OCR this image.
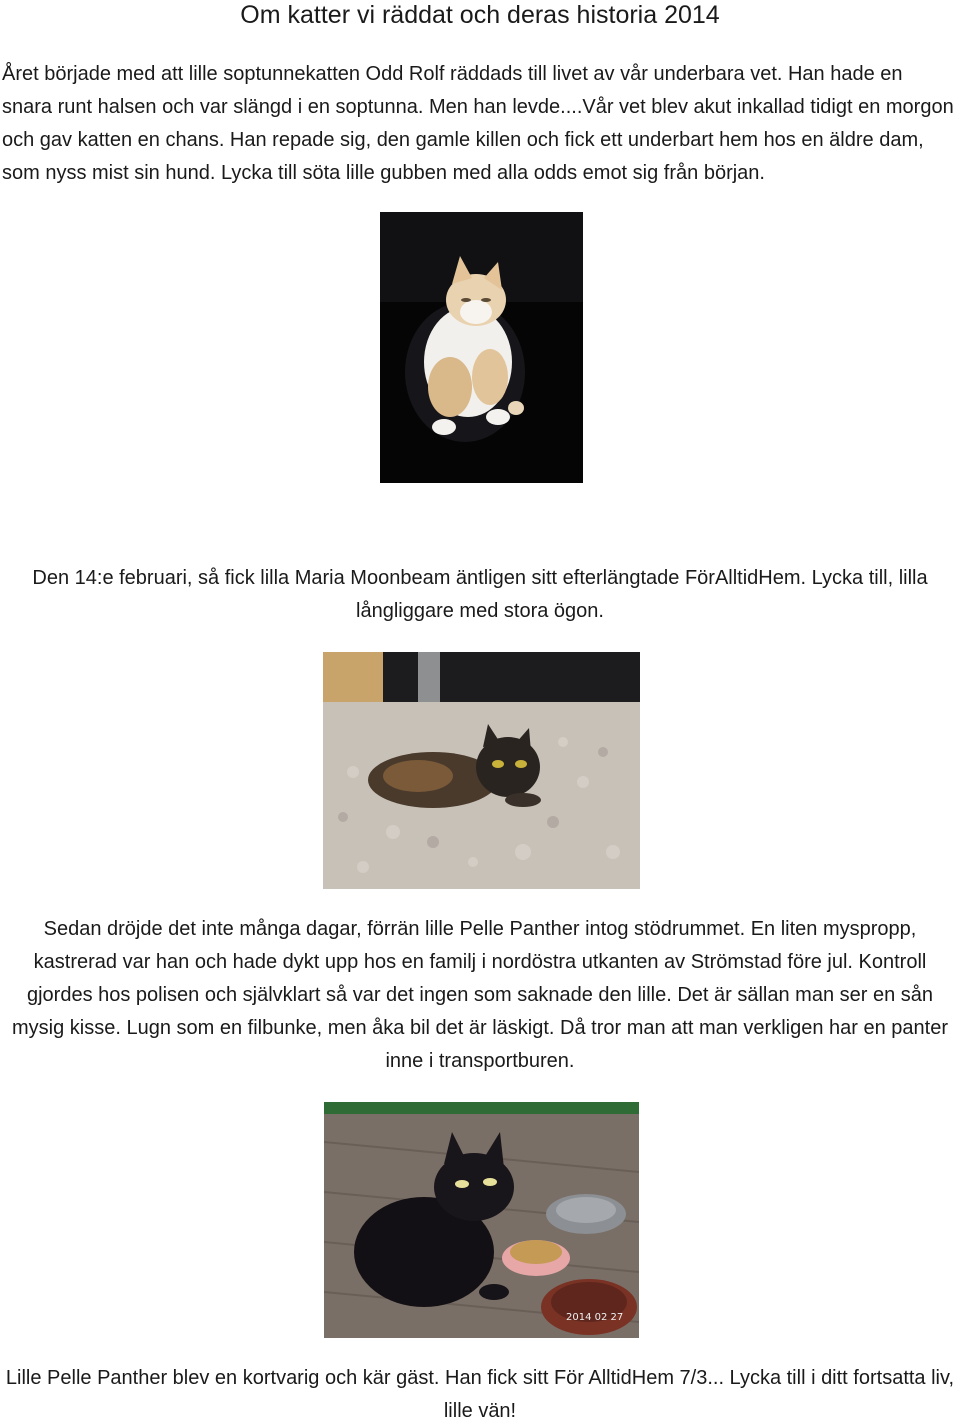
Om katter vi räddat och deras historia 2014

Året började med att lille soptunnekatten Odd Rolf räddads till livet av vår underbara vet. Han hade en snara runt halsen och var slängd i en soptunna. Men han levde....Vår vet blev akut inkallad tidigt en morgon och gav katten en chans. Han repade sig, den gamle killen och fick ett underbart hem hos en äldre dam, som nyss mist sin hund. Lycka till söta lille gubben med alla odds emot sig från början.

Den 14:e februari, så fick lilla Maria Moonbeam äntligen sitt efterlängtade FörAlltidHem. Lycka till, lilla långliggare med stora ögon.

Sedan dröjde det inte många dagar, förrän lille Pelle Panther intog stödrummet. En liten myspropp, kastrerad var han och hade dykt upp hos en familj i nordöstra utkanten av Strömstad före jul. Kontroll gjordes hos polisen och självklart så var det ingen som saknade den lille. Det är sällan man ser en sån mysig kisse. Lugn som en filbunke, men åka bil det är läskigt. Då tror man att man verkligen har en panter inne i transportburen.

2014 02 27

Lille Pelle Panther blev en kortvarig och kär gäst. Han fick sitt För AlltidHem 7/3... Lycka till i ditt fortsatta liv, lille vän!
